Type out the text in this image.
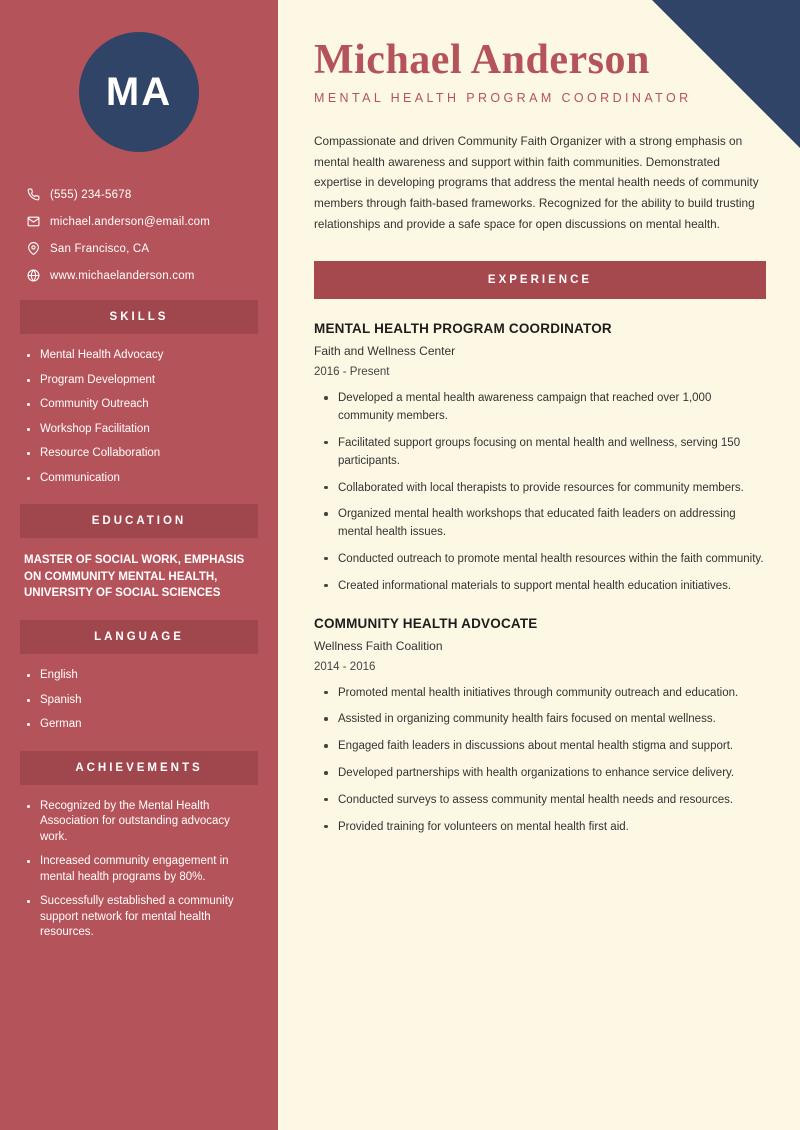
MA
(555) 234-5678
michael.anderson@email.com
San Francisco, CA
www.michaelanderson.com
SKILLS
Mental Health Advocacy
Program Development
Community Outreach
Workshop Facilitation
Resource Collaboration
Communication
EDUCATION
MASTER OF SOCIAL WORK, EMPHASIS ON COMMUNITY MENTAL HEALTH, UNIVERSITY OF SOCIAL SCIENCES
LANGUAGE
English
Spanish
German
ACHIEVEMENTS
Recognized by the Mental Health Association for outstanding advocacy work.
Increased community engagement in mental health programs by 80%.
Successfully established a community support network for mental health resources.
Michael Anderson
MENTAL HEALTH PROGRAM COORDINATOR

Compassionate and driven Community Faith Organizer with a strong emphasis on mental health awareness and support within faith communities. Demonstrated expertise in developing programs that address the mental health needs of community members through faith-based frameworks. Recognized for the ability to build trusting relationships and provide a safe space for open discussions on mental health.

EXPERIENCE
MENTAL HEALTH PROGRAM COORDINATOR
Faith and Wellness Center
2016 - Present
Developed a mental health awareness campaign that reached over 1,000 community members.
Facilitated support groups focusing on mental health and wellness, serving 150 participants.
Collaborated with local therapists to provide resources for community members.
Organized mental health workshops that educated faith leaders on addressing mental health issues.
Conducted outreach to promote mental health resources within the faith community.
Created informational materials to support mental health education initiatives.
COMMUNITY HEALTH ADVOCATE
Wellness Faith Coalition
2014 - 2016
Promoted mental health initiatives through community outreach and education.
Assisted in organizing community health fairs focused on mental wellness.
Engaged faith leaders in discussions about mental health stigma and support.
Developed partnerships with health organizations to enhance service delivery.
Conducted surveys to assess community mental health needs and resources.
Provided training for volunteers on mental health first aid.
